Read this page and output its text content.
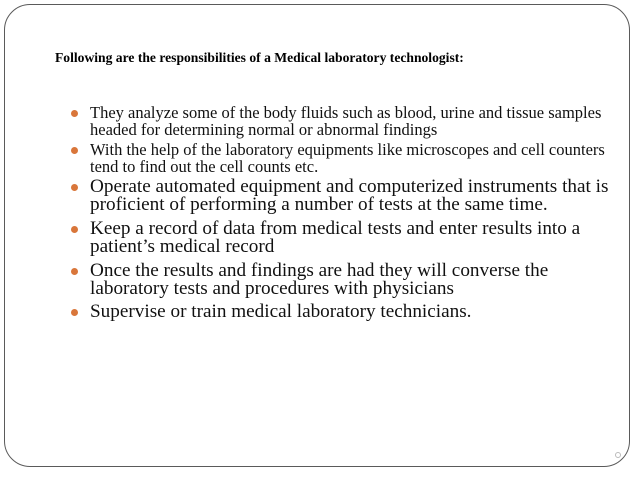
Following are the responsibilities of a Medical laboratory technologist:

They analyze some of the body fluids such as blood, urine and tissue samples headed for determining normal or abnormal findings
With the help of the laboratory equipments like microscopes and cell counters tend to find out the cell counts etc.
Operate automated equipment and computerized instruments that is proficient of performing a number of tests at the same time.
Keep a record of data from medical tests and enter results into a patient’s medical record
Once the results and findings are had they will converse the laboratory tests and procedures with physicians
Supervise or train medical laboratory technicians.
